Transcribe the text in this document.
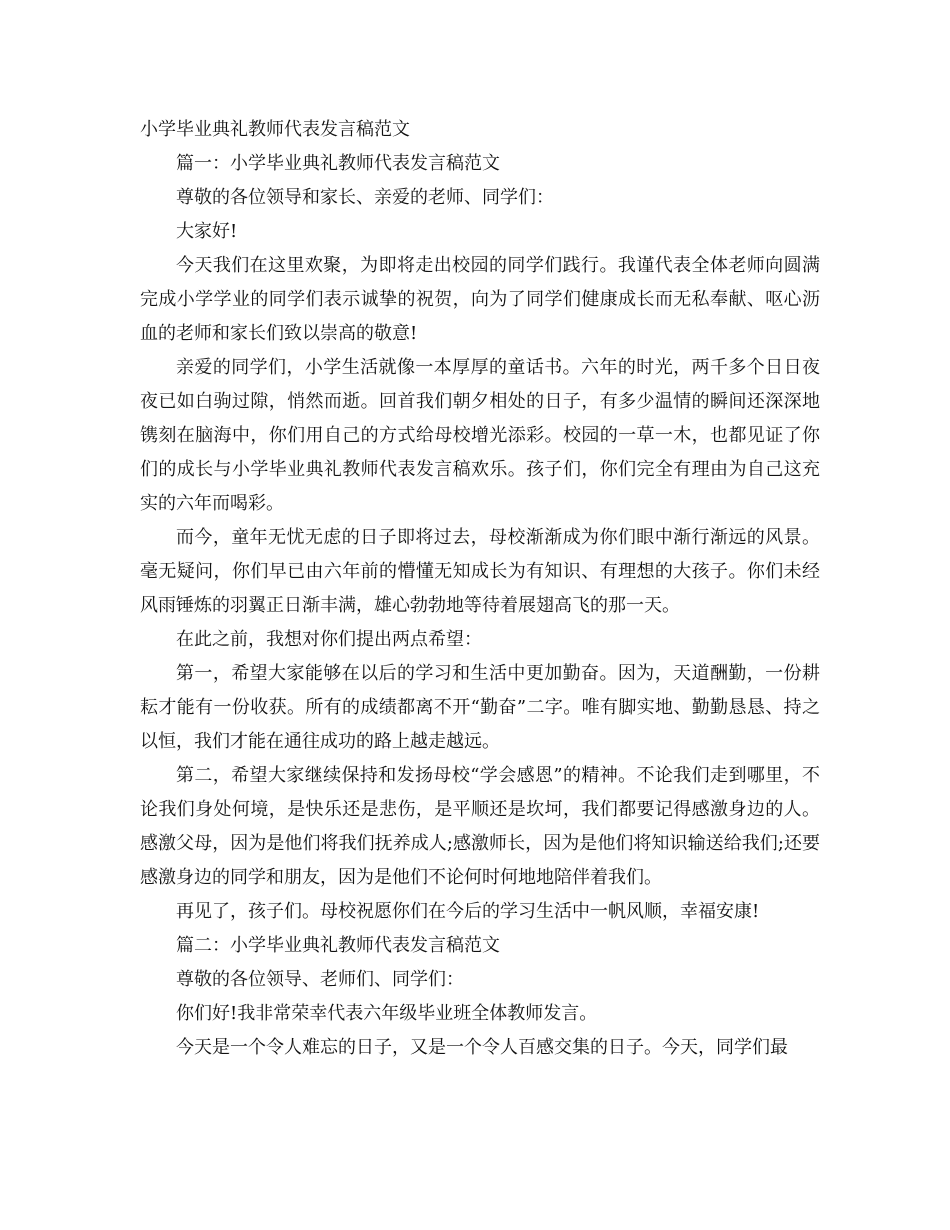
小学毕业典礼教师代表发言稿范文

篇一：小学毕业典礼教师代表发言稿范文

尊敬的各位领导和家长、亲爱的老师、同学们：

大家好!

今天我们在这里欢聚，为即将走出校园的同学们践行。我谨代表全体老师向圆满完成小学学业的同学们表示诚挚的祝贺，向为了同学们健康成长而无私奉献、呕心沥血的老师和家长们致以崇高的敬意!

亲爱的同学们，小学生活就像一本厚厚的童话书。六年的时光，两千多个日日夜夜已如白驹过隙，悄然而逝。回首我们朝夕相处的日子，有多少温情的瞬间还深深地镌刻在脑海中，你们用自己的方式给母校增光添彩。校园的一草一木，也都见证了你们的成长与小学毕业典礼教师代表发言稿欢乐。孩子们，你们完全有理由为自己这充实的六年而喝彩。

而今，童年无忧无虑的日子即将过去，母校渐渐成为你们眼中渐行渐远的风景。毫无疑问，你们早已由六年前的懵懂无知成长为有知识、有理想的大孩子。你们未经风雨锤炼的羽翼正日渐丰满，雄心勃勃地等待着展翅高飞的那一天。

在此之前，我想对你们提出两点希望：

第一，希望大家能够在以后的学习和生活中更加勤奋。因为，天道酬勤，一份耕耘才能有一份收获。所有的成绩都离不开“勤奋”二字。唯有脚实地、勤勤恳恳、持之以恒，我们才能在通往成功的路上越走越远。

第二，希望大家继续保持和发扬母校“学会感恩”的精神。不论我们走到哪里，不论我们身处何境，是快乐还是悲伤，是平顺还是坎坷，我们都要记得感激身边的人。感激父母，因为是他们将我们抚养成人;感激师长，因为是他们将知识输送给我们;还要感激身边的同学和朋友，因为是他们不论何时何地地陪伴着我们。

再见了，孩子们。母校祝愿你们在今后的学习生活中一帆风顺，幸福安康!

篇二：小学毕业典礼教师代表发言稿范文

尊敬的各位领导、老师们、同学们：

你们好!我非常荣幸代表六年级毕业班全体教师发言。

今天是一个令人难忘的日子，又是一个令人百感交集的日子。今天，同学们最
